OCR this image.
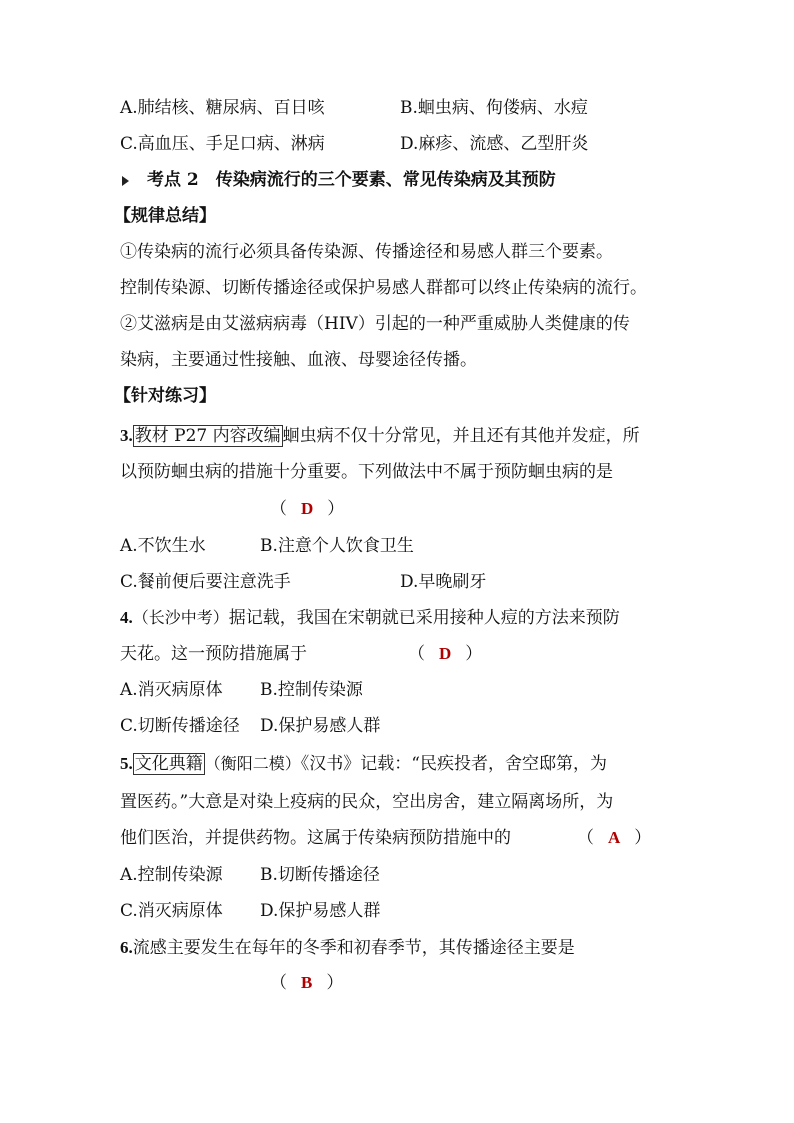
A.肺结核、糖尿病、百日咳	B.蛔虫病、佝偻病、水痘
C.高血压、手足口病、淋病	D.麻疹、流感、乙型肝炎
考点 2　传染病流行的三个要素、常见传染病及其预防
【规律总结】
①传染病的流行必须具备传染源、传播途径和易感人群三个要素。
控制传染源、切断传播途径或保护易感人群都可以终止传染病的流行。
②艾滋病是由艾滋病病毒（HIV）引起的一种严重威胁人类健康的传
染病，主要通过性接触、血液、母婴途径传播。
【针对练习】
3. 教材 P27 内容改编 蛔虫病不仅十分常见，并且还有其他并发症，所
以预防蛔虫病的措施十分重要。下列做法中不属于预防蛔虫病的是
（ D ）
A.不饮生水	B.注意个人饮食卫生
C.餐前便后要注意洗手	D.早晚刷牙
4.（长沙中考）据记载，我国在宋朝就已采用接种人痘的方法来预防
天花。这一预防措施属于	（ D ）
A.消灭病原体 B.控制传染源
C.切断传播途径 D.保护易感人群
5. 文化典籍 （衡阳二模）《汉书》记载：“民疾投者，舍空邸第，为
置医药。”大意是对染上疫病的民众，空出房舍，建立隔离场所，为
他们医治，并提供药物。这属于传染病预防措施中的	（ A ）
A.控制传染源 B.切断传播途径
C.消灭病原体 D.保护易感人群
6.流感主要发生在每年的冬季和初春季节，其传播途径主要是
（ B ）
